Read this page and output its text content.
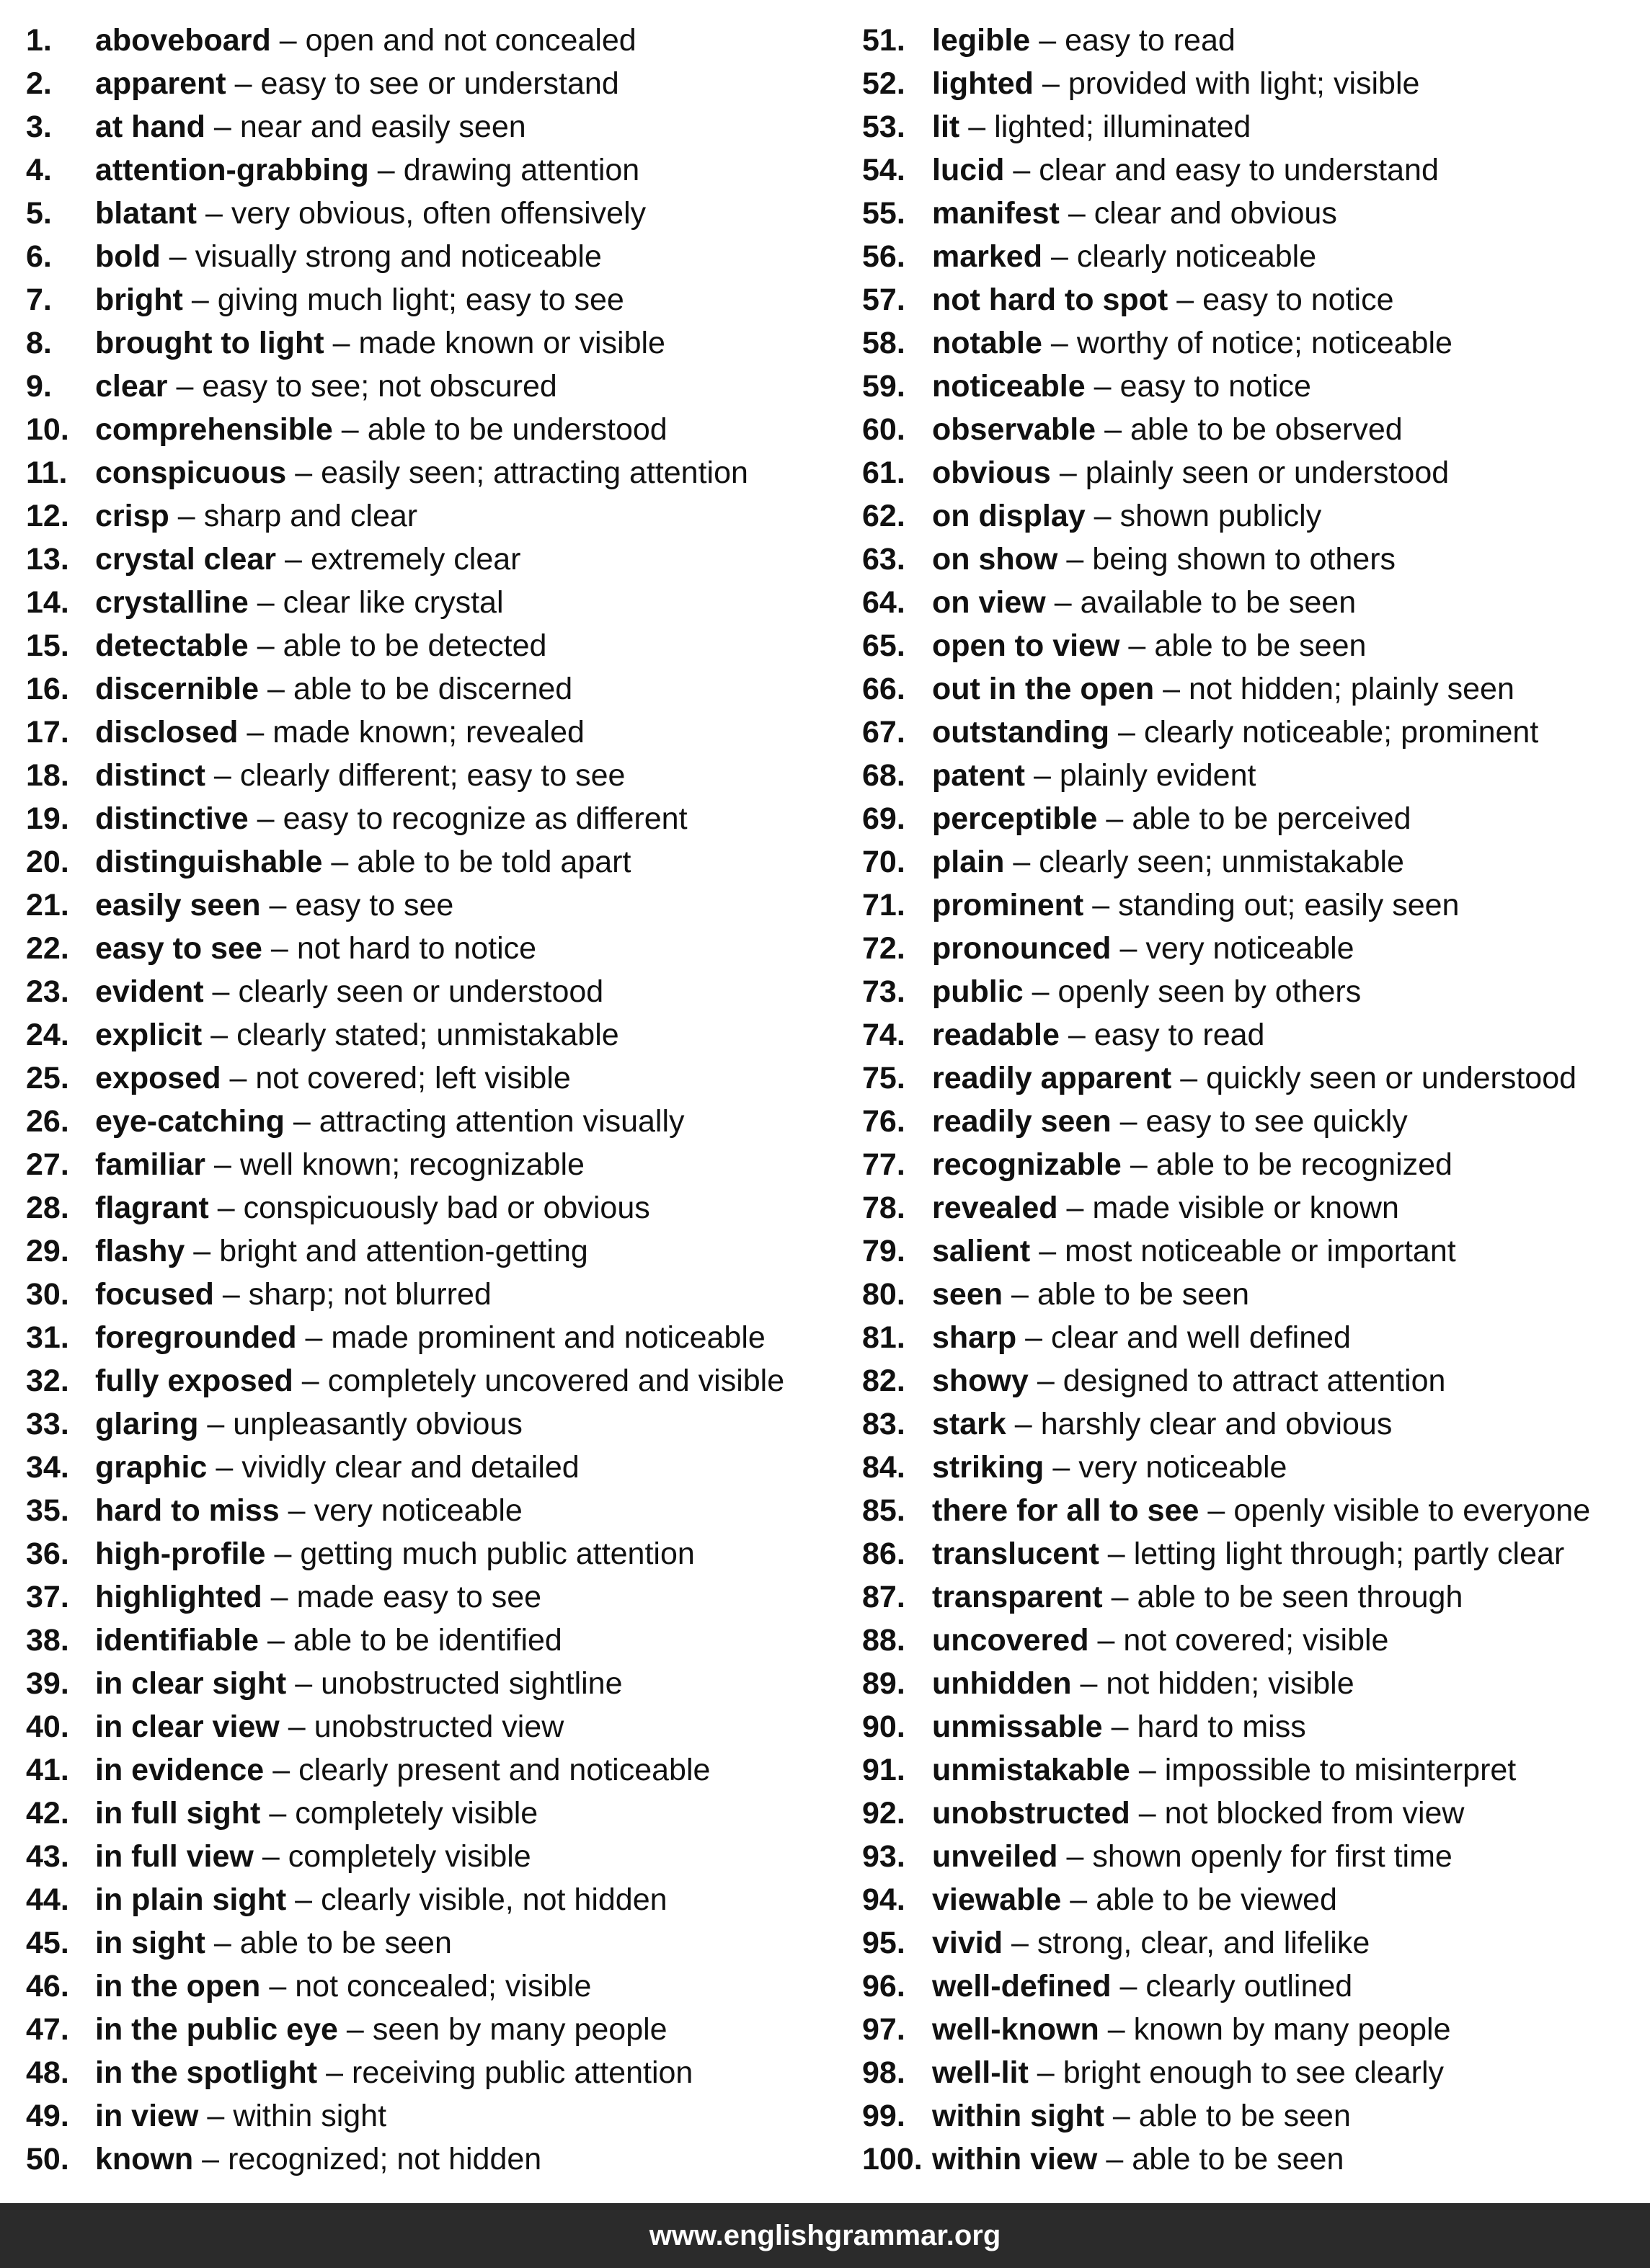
1.	aboveboard – open and not concealed
2.	apparent – easy to see or understand
3.	at hand – near and easily seen
4.	attention-grabbing – drawing attention
5.	blatant – very obvious, often offensively
6.	bold – visually strong and noticeable
7.	bright – giving much light; easy to see
8.	brought to light – made known or visible
9.	clear – easy to see; not obscured
10. comprehensible – able to be understood
11. conspicuous – easily seen; attracting attention
12. crisp – sharp and clear
13. crystal clear – extremely clear
14. crystalline – clear like crystal
15. detectable – able to be detected
16. discernible – able to be discerned
17. disclosed – made known; revealed
18. distinct – clearly different; easy to see
19. distinctive – easy to recognize as different
20. distinguishable – able to be told apart
21. easily seen – easy to see
22. easy to see – not hard to notice
23. evident – clearly seen or understood
24. explicit – clearly stated; unmistakable
25. exposed – not covered; left visible
26. eye-catching – attracting attention visually
27. familiar – well known; recognizable
28. flagrant – conspicuously bad or obvious
29. flashy – bright and attention-getting
30. focused – sharp; not blurred
31. foregrounded – made prominent and noticeable
32. fully exposed – completely uncovered and visible
33. glaring – unpleasantly obvious
34. graphic – vividly clear and detailed
35. hard to miss – very noticeable
36. high-profile – getting much public attention
37. highlighted – made easy to see
38. identifiable – able to be identified
39. in clear sight – unobstructed sightline
40. in clear view – unobstructed view
41. in evidence – clearly present and noticeable
42. in full sight – completely visible
43. in full view – completely visible
44. in plain sight – clearly visible, not hidden
45. in sight – able to be seen
46. in the open – not concealed; visible
47. in the public eye – seen by many people
48. in the spotlight – receiving public attention
49. in view – within sight
50. known – recognized; not hidden
51. legible – easy to read
52. lighted – provided with light; visible
53. lit – lighted; illuminated
54. lucid – clear and easy to understand
55. manifest – clear and obvious
56. marked – clearly noticeable
57. not hard to spot – easy to notice
58. notable – worthy of notice; noticeable
59. noticeable – easy to notice
60. observable – able to be observed
61. obvious – plainly seen or understood
62. on display – shown publicly
63. on show – being shown to others
64. on view – available to be seen
65. open to view – able to be seen
66. out in the open – not hidden; plainly seen
67. outstanding – clearly noticeable; prominent
68. patent – plainly evident
69. perceptible – able to be perceived
70. plain – clearly seen; unmistakable
71. prominent – standing out; easily seen
72. pronounced – very noticeable
73. public – openly seen by others
74. readable – easy to read
75. readily apparent – quickly seen or understood
76. readily seen – easy to see quickly
77. recognizable – able to be recognized
78. revealed – made visible or known
79. salient – most noticeable or important
80. seen – able to be seen
81. sharp – clear and well defined
82. showy – designed to attract attention
83. stark – harshly clear and obvious
84. striking – very noticeable
85. there for all to see – openly visible to everyone
86. translucent – letting light through; partly clear
87. transparent – able to be seen through
88. uncovered – not covered; visible
89. unhidden – not hidden; visible
90. unmissable – hard to miss
91. unmistakable – impossible to misinterpret
92. unobstructed – not blocked from view
93. unveiled – shown openly for first time
94. viewable – able to be viewed
95. vivid – strong, clear, and lifelike
96. well-defined – clearly outlined
97. well-known – known by many people
98. well-lit – bright enough to see clearly
99. within sight – able to be seen
100. within view – able to be seen
www.englishgrammar.org
